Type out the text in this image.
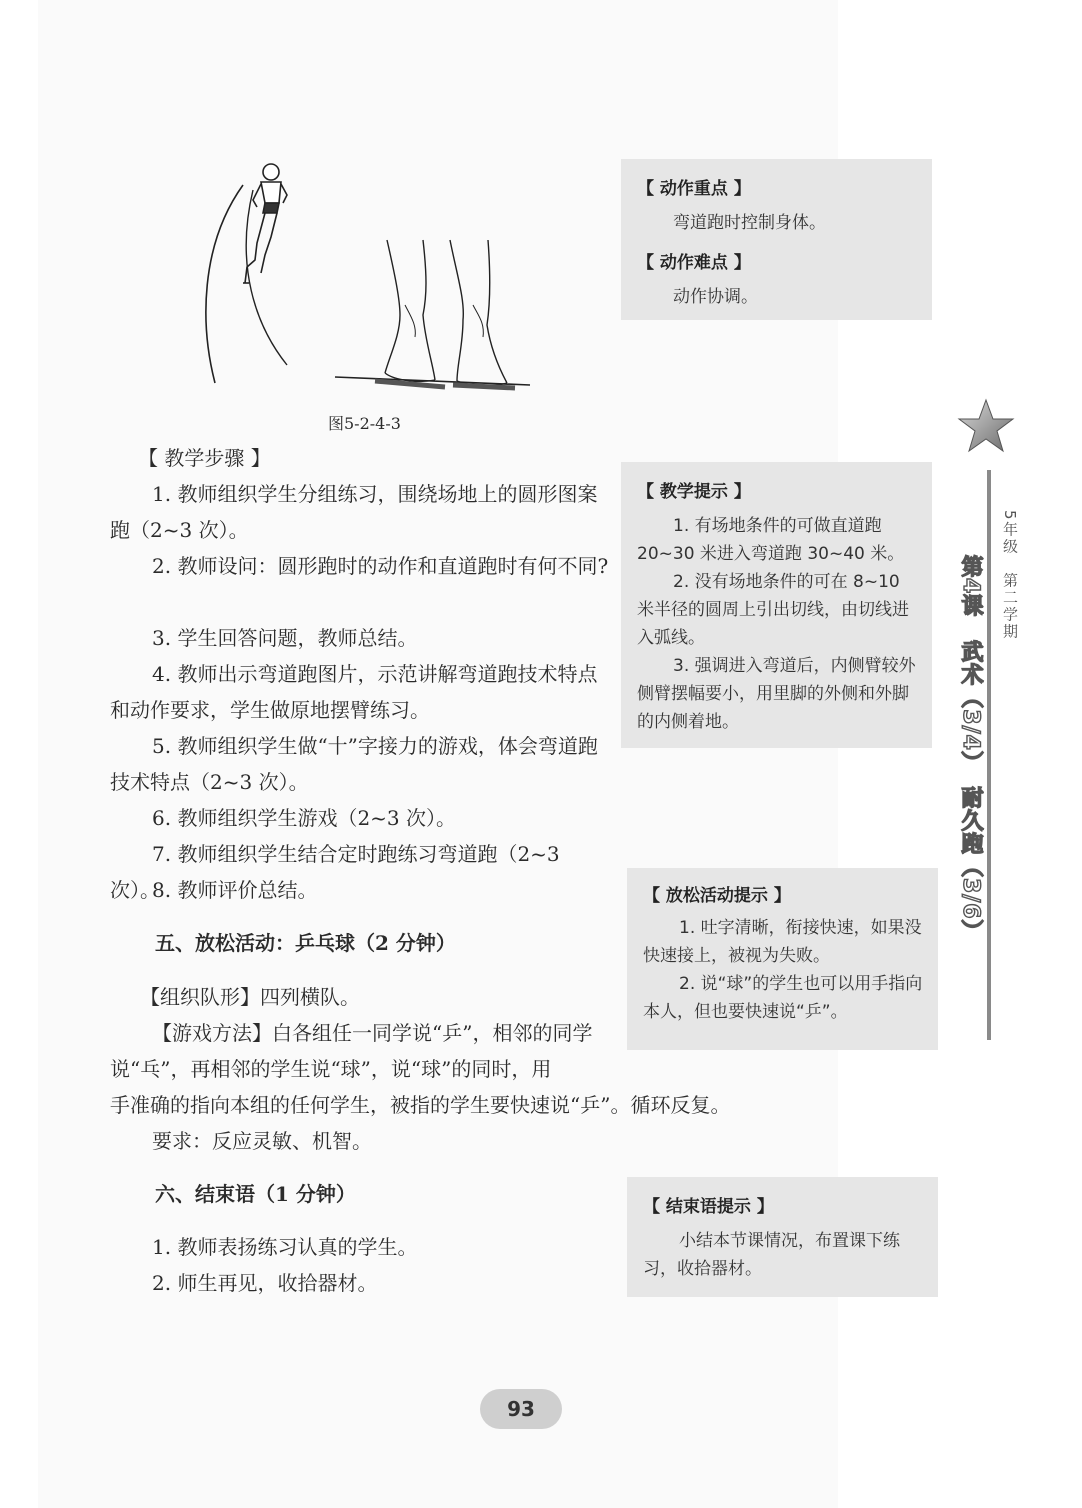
图5-2-4-3
【 动作重点 】

弯道跑时控制身体。

【 动作难点 】

动作协调。

【 教学步骤 】
1. 教师组织学生分组练习，围绕场地上的圆形图案跑（2~3 次）。
2. 教师设问：圆形跑时的动作和直道跑时有何不同?
3. 学生回答问题，教师总结。
4. 教师出示弯道跑图片，示范讲解弯道跑技术特点和动作要求，学生做原地摆臂练习。
5. 教师组织学生做“十”字接力的游戏，体会弯道跑技术特点（2~3 次）。
6. 教师组织学生游戏（2~3 次）。
7. 教师组织学生结合定时跑练习弯道跑（2~3 次）。
8. 教师评价总结。
五、放松活动：乒乓球（2 分钟）
【组织队形】四列横队。
【游戏方法】白各组任一同学说“乒”，相邻的同学说“乓”，再相邻的学生说“球”，说“球”的同时，用
手准确的指向本组的任何学生，被指的学生要快速说“乒”。循环反复。
要求：反应灵敏、机智。
六、结束语（1 分钟）
1. 教师表扬练习认真的学生。
2. 师生再见，收拾器材。
【 教学提示 】

1. 有场地条件的可做直道跑 20~30 米进入弯道跑 30~40 米。

2. 没有场地条件的可在 8~10 米半径的圆周上引出切线，由切线进入弧线。

3. 强调进入弯道后，内侧臂较外侧臂摆幅要小，用里脚的外侧和外脚的内侧着地。

【 放松活动提示 】

1. 吐字清晰，衔接快速，如果没快速接上，被视为失败。

2. 说“球”的学生也可以用手指向本人，但也要快速说“乒”。

【 结束语提示 】

小结本节课情况，布置课下练习，收拾器材。

第4课　武术（3/4）　耐久跑（3/6） 5年级　第二学期
93
